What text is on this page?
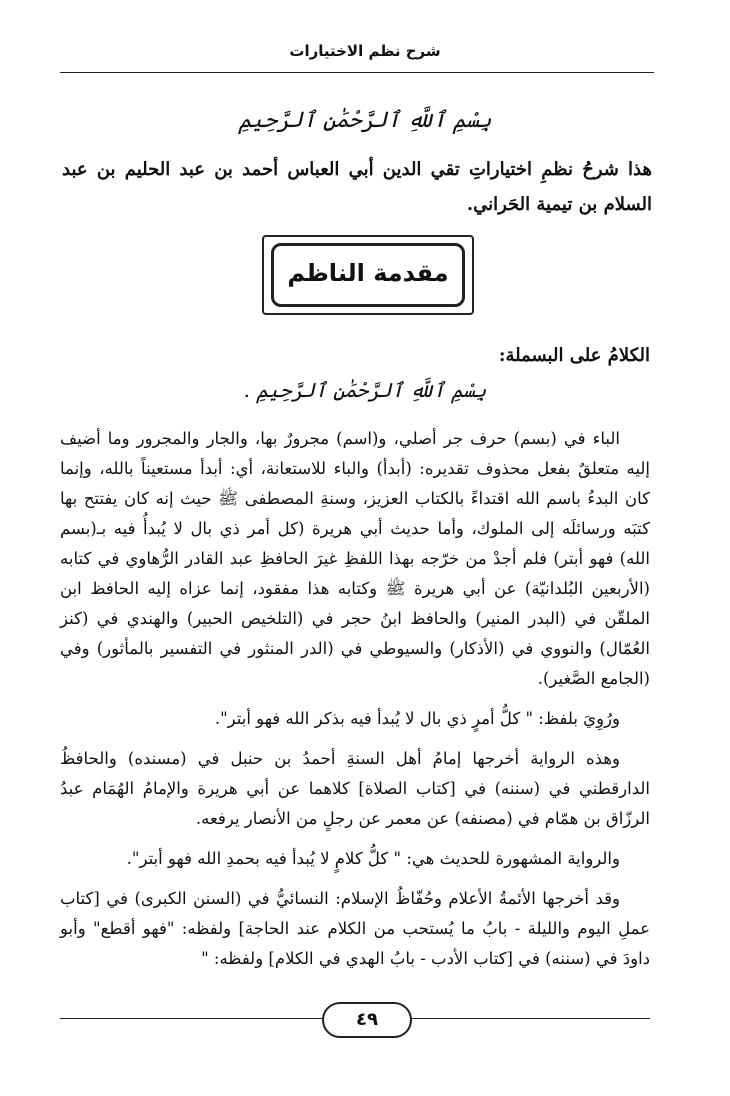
شرح نظم الاختيارات
بِسْمِ ٱللَّهِ ٱلرَّحْمَٰنِ ٱلرَّحِيمِ
هذا شرحُ نظمِ اختياراتِ تقي الدين أبي العباس أحمد بن عبد الحليم بن عبد السلام بن تيمية الحَراني.
مقدمة الناظم
الكلامُ على البسملة:
بِسْمِ ٱللَّهِ ٱلرَّحْمَٰنِ ٱلرَّحِيمِ .

الباء في (بسم) حرف جر أصلي، و(اسم) مجرورٌ بها، والجار والمجرور وما أضيف إليه متعلقٌ بفعل محذوف تقديره: (أبدأ) والباء للاستعانة، أي: أبدأ مستعيناً بالله، وإنما كان البدءُ باسم الله اقتداءً بالكتاب العزيز، وسنةِ المصطفى ﷺ حيث إنه كان يفتتح بها كتبَه ورسائلَه إلى الملوك، وأما حديث أبي هريرة (كل أمر ذي بال لا يُبدأُ فيه بـ(بسم الله) فهو أبتر) فلم أجدْ من خرّجه بهذا اللفظِ غيرَ الحافظِ عبد القادر الرُّهاوي في كتابه (الأربعين البُلدانيّة) عن أبي هريرة ﷺ وكتابه هذا مفقود، إنما عزاه إليه الحافظ ابن الملقّن في (البدر المنير) والحافظ ابنُ حجر في (التلخيص الحبير) والهندي في (كنز العُمّال) والنووي في (الأذكار) والسيوطي في (الدر المنثور في التفسير بالمأثور) وفي (الجامع الصَّغير).

ورُوِيَ بلفظ: " كلُّ أمرٍ ذي بال لا يُبدأ فيه بذكر الله فهو أبتر".

وهذه الرواية أخرجها إمامُ أهل السنةِ أحمدُ بن حنبل في (مسنده) والحافظُ الدارقطني في (سننه) في [كتاب الصلاة] كلاهما عن أبي هريرة والإمامُ الهُمَام عبدُ الرزّاق بن همّام في (مصنفه) عن معمر عن رجلٍ من الأنصار يرفعه.

والرواية المشهورة للحديث هي: " كلُّ كلامٍ لا يُبدأ فيه بحمدِ الله فهو أبتر".

وقد أخرجها الأئمةُ الأعلام وحُفّاظُ الإسلام: النسائيُّ في (السنن الكبرى) في [كتاب عملِ اليوم والليلة - بابُ ما يُستحب من الكلام عند الحاجة] ولفظه: "فهو أقطع" وأبو داودَ في (سننه) في [كتاب الأدب - بابُ الهدي في الكلام] ولفظه: "

٤٩
